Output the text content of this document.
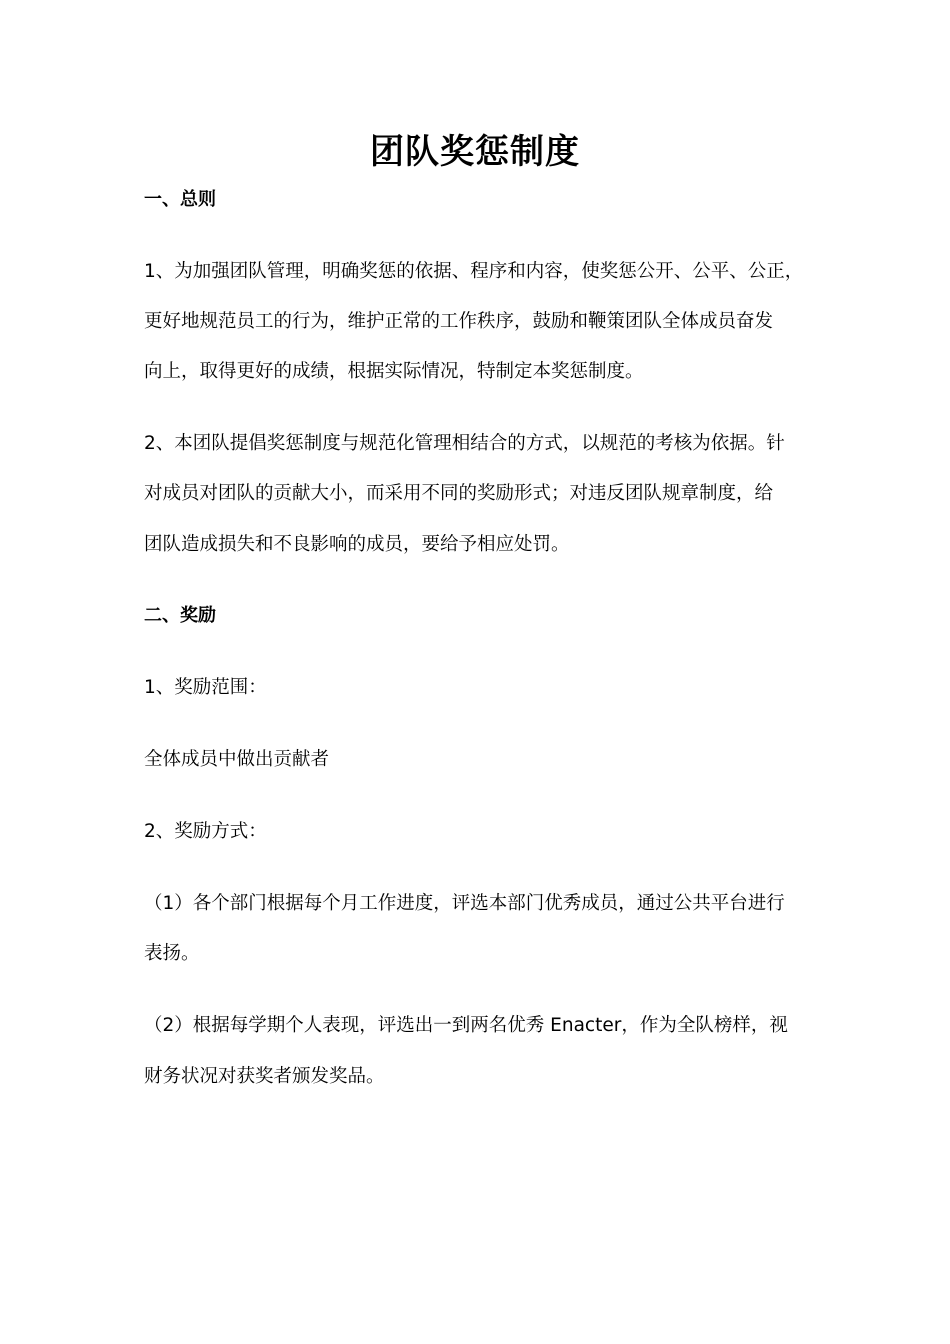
团队奖惩制度
一、总则
1、为加强团队管理，明确奖惩的依据、程序和内容，使奖惩公开、公平、公正，
更好地规范员工的行为，维护正常的工作秩序，鼓励和鞭策团队全体成员奋发
向上，取得更好的成绩，根据实际情况，特制定本奖惩制度。
2、本团队提倡奖惩制度与规范化管理相结合的方式，以规范的考核为依据。针
对成员对团队的贡献大小，而采用不同的奖励形式；对违反团队规章制度，给
团队造成损失和不良影响的成员，要给予相应处罚。
二、奖励
1、奖励范围：
全体成员中做出贡献者
2、奖励方式：
（1）各个部门根据每个月工作进度，评选本部门优秀成员，通过公共平台进行
表扬。
（2）根据每学期个人表现，评选出一到两名优秀 Enacter，作为全队榜样，视
财务状况对获奖者颁发奖品。
